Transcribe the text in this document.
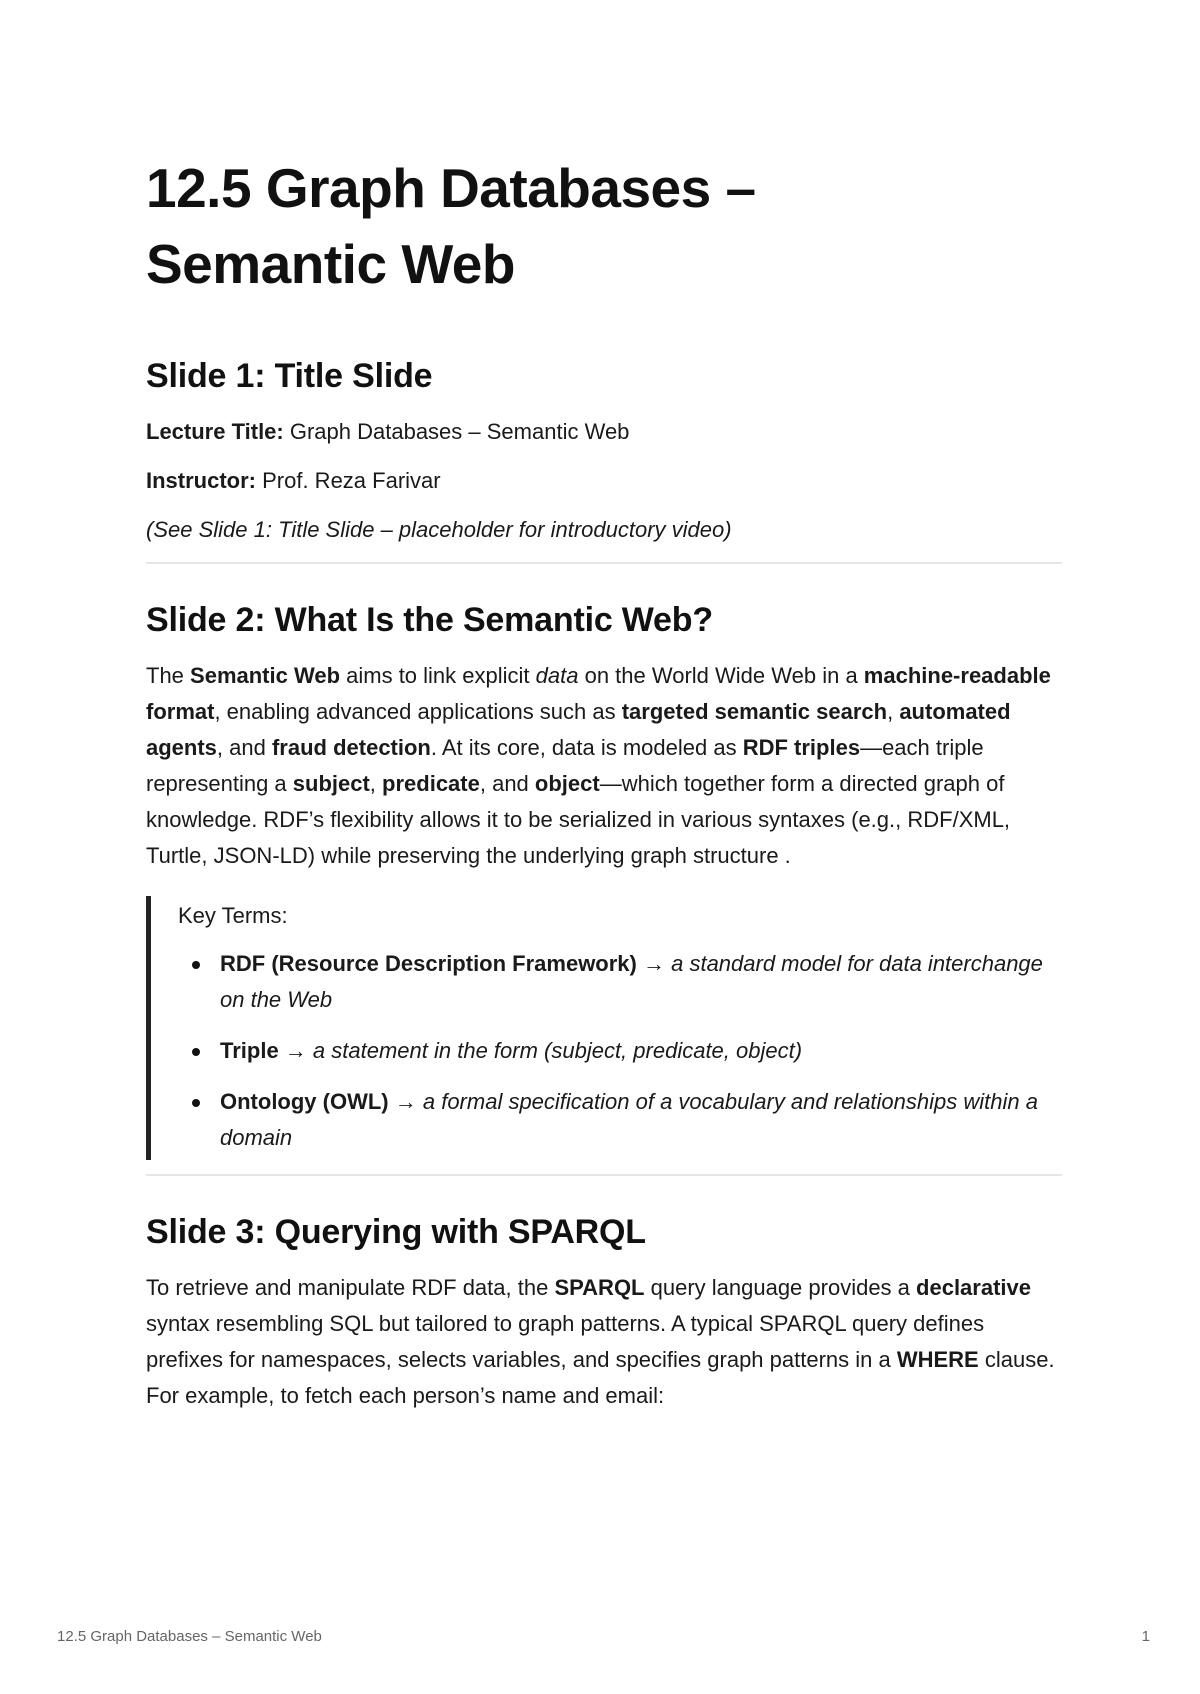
12.5 Graph Databases –
Semantic Web
Slide 1: Title Slide

Lecture Title: Graph Databases – Semantic Web

Instructor: Prof. Reza Farivar

(See Slide 1: Title Slide – placeholder for introductory video)

Slide 2: What Is the Semantic Web?

The Semantic Web aims to link explicit data on the World Wide Web in a machine-readable format, enabling advanced applications such as targeted semantic search, automated agents, and fraud detection. At its core, data is modeled as RDF triples—each triple representing a subject, predicate, and object—which together form a directed graph of knowledge. RDF’s flexibility allows it to be serialized in various syntaxes (e.g., RDF/XML, Turtle, JSON-LD) while preserving the underlying graph structure .

Key Terms:
RDF (Resource Description Framework) → a standard model for data interchange on the Web
Triple → a statement in the form (subject, predicate, object)
Ontology (OWL) → a formal specification of a vocabulary and relationships within a domain
Slide 3: Querying with SPARQL

To retrieve and manipulate RDF data, the SPARQL query language provides a declarative syntax resembling SQL but tailored to graph patterns. A typical SPARQL query defines prefixes for namespaces, selects variables, and specifies graph patterns in a WHERE clause. For example, to fetch each person’s name and email:

12.5 Graph Databases – Semantic Web	1
